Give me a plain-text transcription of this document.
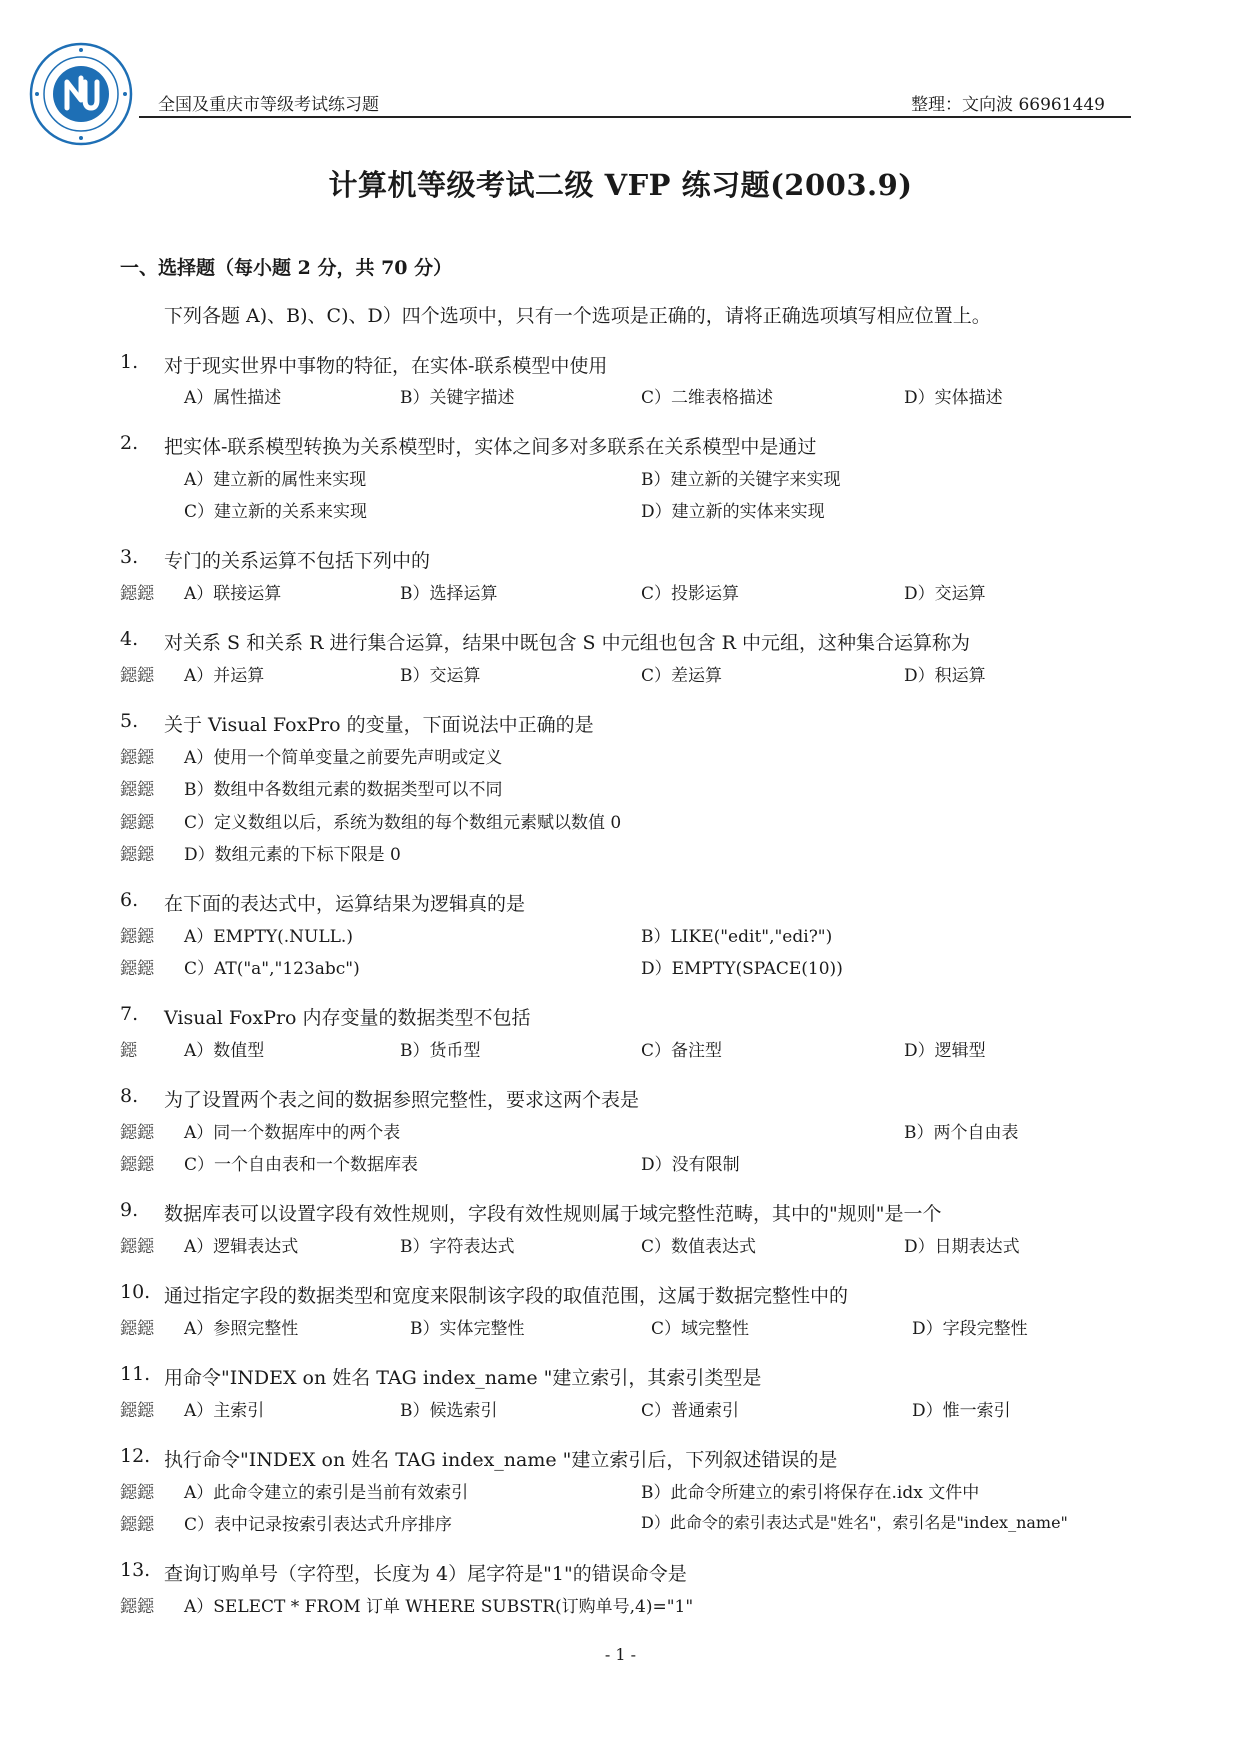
全国及重庆市等级考试练习题	整理：文向波 66961449
计算机等级考试二级 VFP 练习题(2003.9)
一、选择题（每小题 2 分，共 70 分）
下列各题 A)、B)、C)、D）四个选项中，只有一个选项是正确的，请将正确选项填写相应位置上。
1. 对于现实世界中事物的特征，在实体-联系模型中使用
A）属性描述	B）关键字描述	C）二维表格描述	D）实体描述
2. 把实体-联系模型转换为关系模型时，实体之间多对多联系在关系模型中是通过
A）建立新的属性来实现	B）建立新的关键字来实现
C）建立新的关系来实现	D）建立新的实体来实现
3. 专门的关系运算不包括下列中的
鐚鐚 A）联接运算	B）选择运算	C）投影运算	D）交运算
4. 对关系 S 和关系 R 进行集合运算，结果中既包含 S 中元组也包含 R 中元组，这种集合运算称为
鐚鐚 A）并运算	B）交运算	C）差运算	D）积运算
5. 关于 Visual FoxPro 的变量，下面说法中正确的是
鐚鐚 A）使用一个简单变量之前要先声明或定义
鐚鐚 B）数组中各数组元素的数据类型可以不同
鐚鐚 C）定义数组以后，系统为数组的每个数组元素赋以数值 0
鐚鐚 D）数组元素的下标下限是 0
6. 在下面的表达式中，运算结果为逻辑真的是
鐚鐚 A）EMPTY(.NULL.)	B）LIKE("edit","edi?")
鐚鐚 C）AT("a","123abc")	D）EMPTY(SPACE(10))
7. Visual FoxPro 内存变量的数据类型不包括
鐚	A）数值型	B）货币型	C）备注型	D）逻辑型
8. 为了设置两个表之间的数据参照完整性，要求这两个表是
鐚鐚 A）同一个数据库中的两个表	B）两个自由表
鐚鐚 C）一个自由表和一个数据库表	D）没有限制
9. 数据库表可以设置字段有效性规则，字段有效性规则属于域完整性范畴，其中的"规则"是一个
鐚鐚 A）逻辑表达式	B）字符表达式	C）数值表达式	D）日期表达式
10. 通过指定字段的数据类型和宽度来限制该字段的取值范围，这属于数据完整性中的
鐚鐚 A）参照完整性	B）实体完整性	C）域完整性	D）字段完整性
11. 用命令"INDEX on 姓名 TAG index_name "建立索引，其索引类型是
鐚鐚 A）主索引	B）候选索引	C）普通索引	D）惟一索引
12. 执行命令"INDEX on 姓名 TAG index_name "建立索引后，下列叙述错误的是
鐚鐚 A）此命令建立的索引是当前有效索引	B）此命令所建立的索引将保存在.idx 文件中
鐚鐚 C）表中记录按索引表达式升序排序	D）此命令的索引表达式是"姓名"，索引名是"index_name"
13. 查询订购单号（字符型，长度为 4）尾字符是"1"的错误命令是
鐚鐚 A）SELECT * FROM 订单 WHERE SUBSTR(订购单号,4)="1"
- 1 -
